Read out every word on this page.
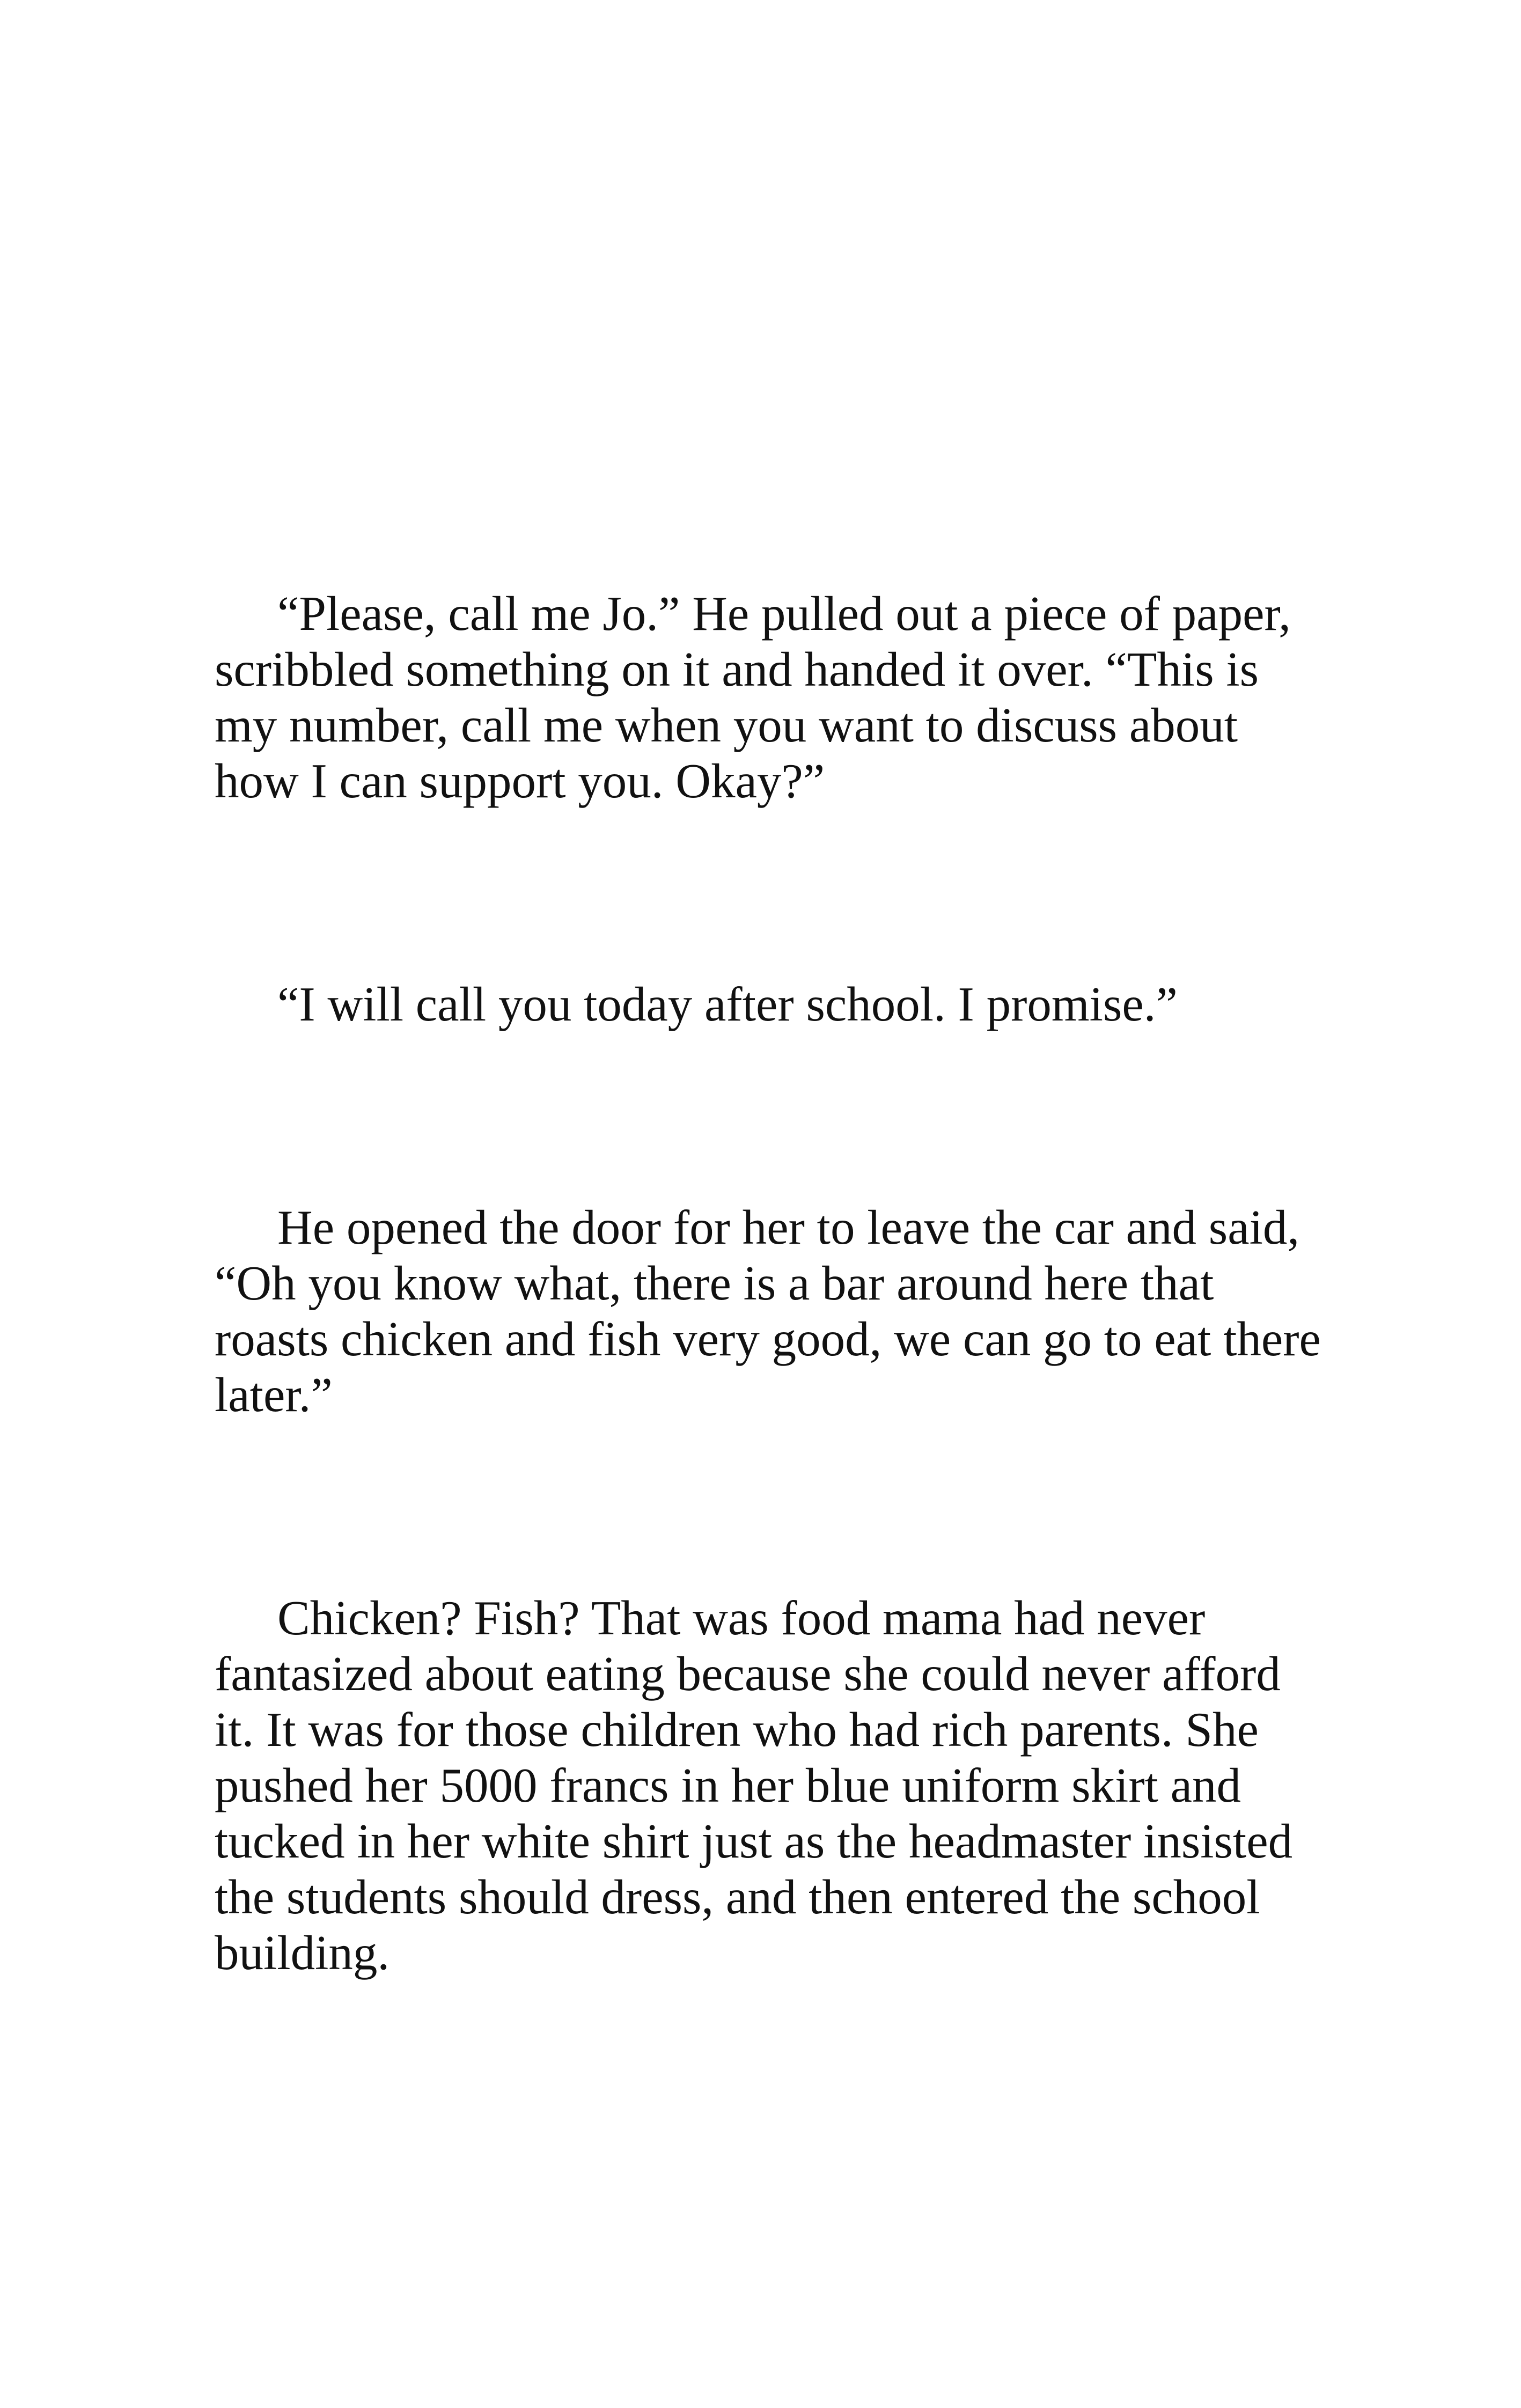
“Please, call me Jo.” He pulled out a piece of paper,
scribbled something on it and handed it over. “This is
my number, call me when you want to discuss about
how I can support you. Okay?”

“I will call you today after school. I promise.”

He opened the door for her to leave the car and said,
“Oh you know what, there is a bar around here that
roasts chicken and fish very good, we can go to eat there
later.”

Chicken? Fish? That was food mama had never
fantasized about eating because she could never afford
it. It was for those children who had rich parents. She
pushed her 5000 francs in her blue uniform skirt and
tucked in her white shirt just as the headmaster insisted
the students should dress, and then entered the school
building.
